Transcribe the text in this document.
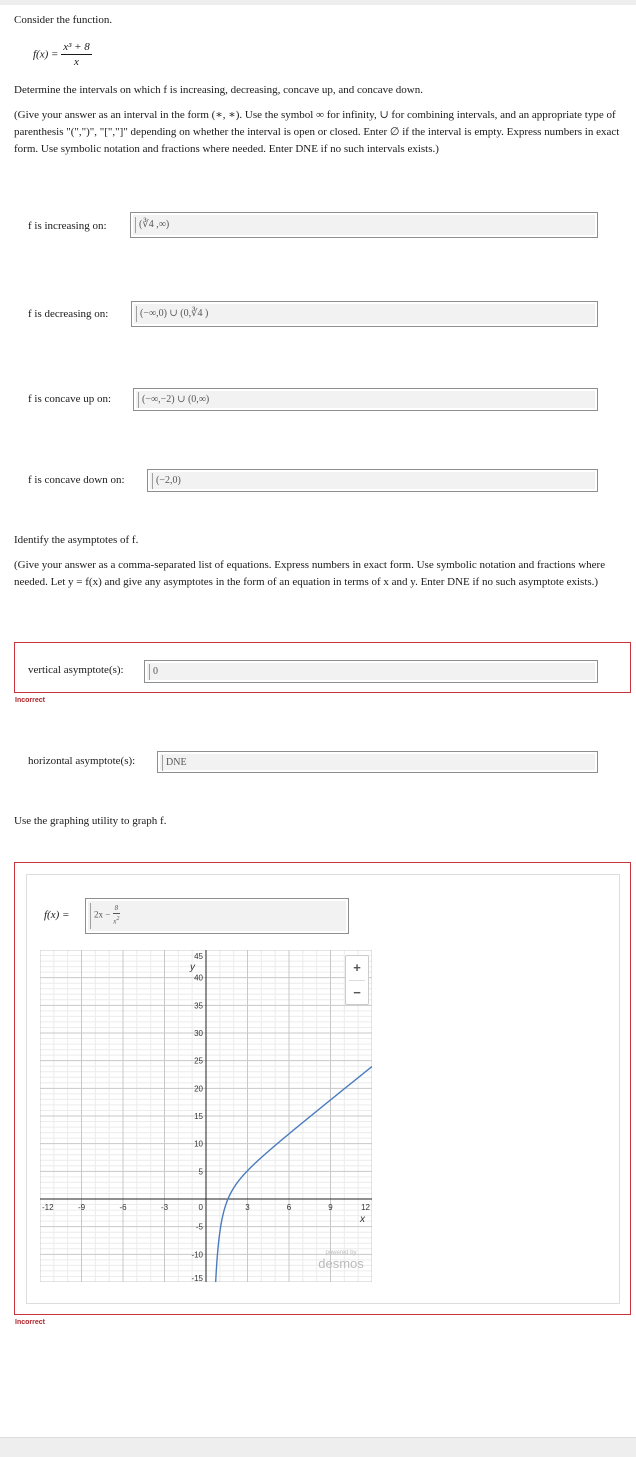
Consider the function.
$f(x) = \frac{\text{x³ + 8}}{x}$
Determine the intervals on which f is increasing, decreasing, concave up, and concave down.
(Give your answer as an interval in the form (∗, ∗). Use the symbol ∞ for infinity, ∪ for combining intervals, and an appropriate type of parenthesis "(",")", "[","]" depending on whether the interval is open or closed. Enter ∅ if the interval is empty. Express numbers in exact form. Use symbolic notation and fractions where needed. Enter DNE if no such intervals exists.)
f is increasing on:	(∛4 ,∞)
f is decreasing on:	(−∞,0) ∪ (0,∛4 )
f is concave up on:	(−∞,−2) ∪ (0,∞)
f is concave down on:	(−2,0)
Identify the asymptotes of f.
(Give your answer as a comma-separated list of equations. Express numbers in exact form. Use symbolic notation and fractions where needed. Let y = f(x) and give any asymptotes in the form of an equation in terms of x and y. Enter DNE if no such asymptote exists.)
vertical asymptote(s):	0
Incorrect
horizontal asymptote(s):	DNE
Use the graphing utility to graph f.
f(x) =	$2x - \frac{8}{x^2}$
-12	-9	-6	-3	0	3	6	9	12
45
40
35
30
25
20
15
10
5
-5
-10
-15
x
y	+
−
powered by
desmos
Incorrect
